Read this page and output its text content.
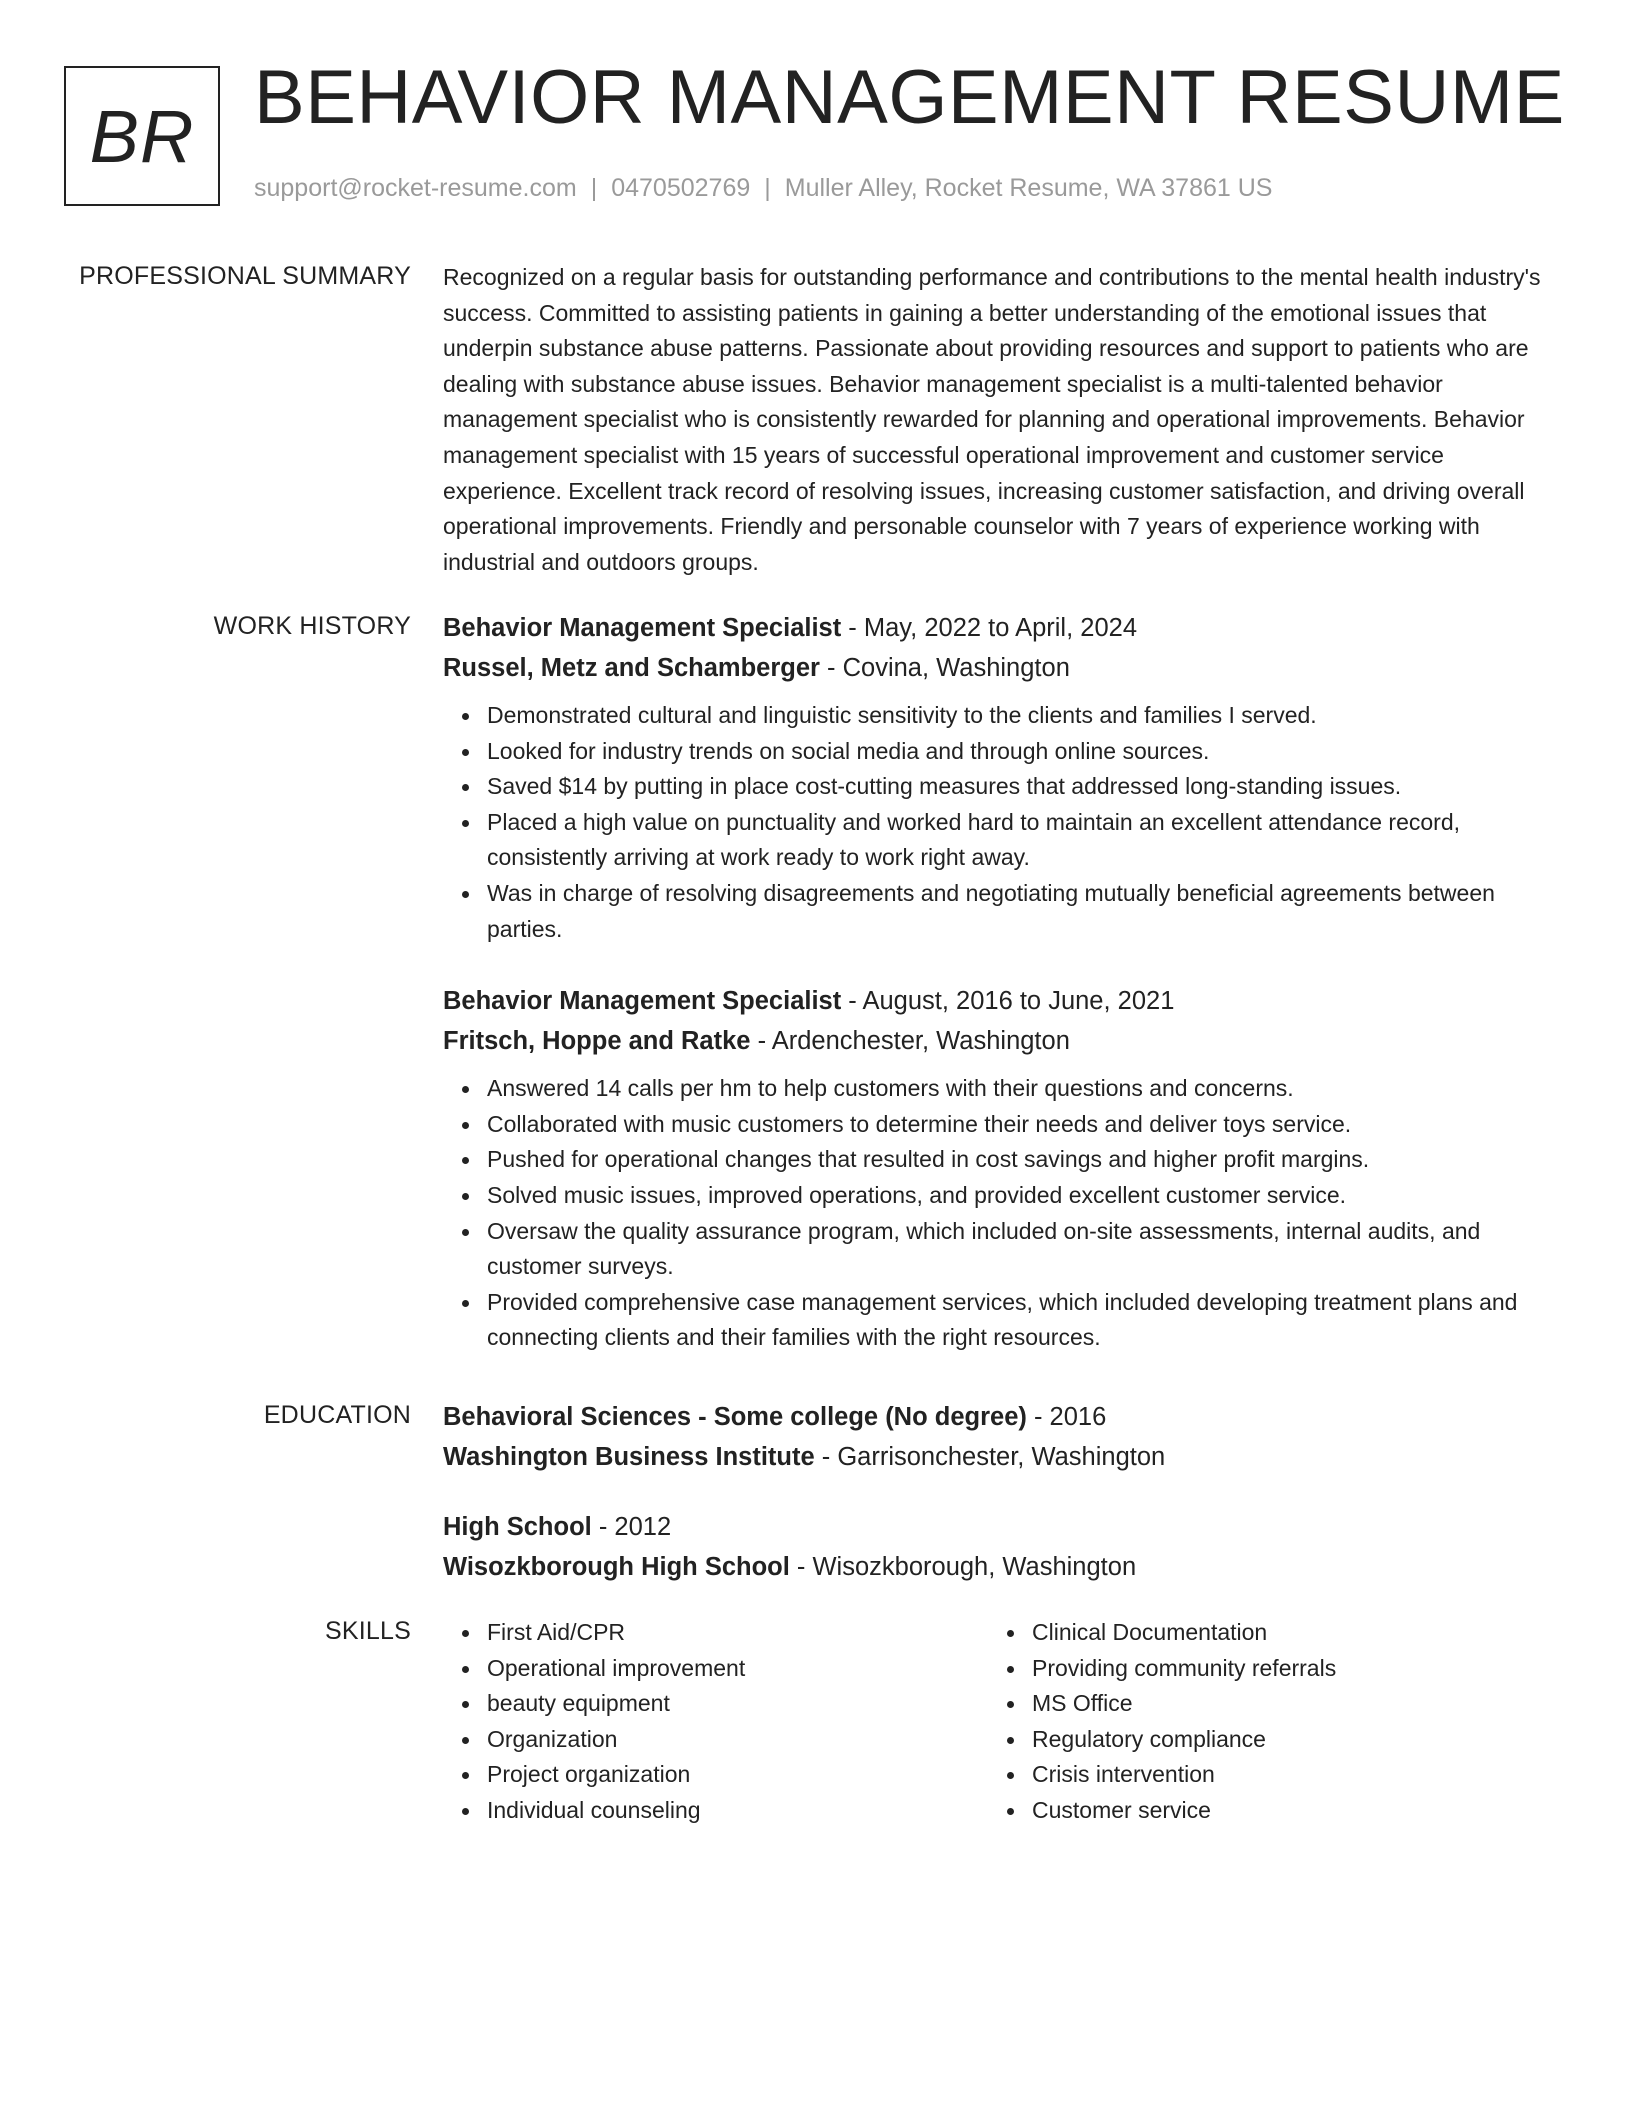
BR BEHAVIOR MANAGEMENT RESUME
support@rocket-resume.com | 0470502769 | Muller Alley, Rocket Resume, WA 37861 US
PROFESSIONAL SUMMARY Recognized on a regular basis for outstanding performance and contributions to the mental health industry's success. Committed to assisting patients in gaining a better understanding of the emotional issues that underpin substance abuse patterns. Passionate about providing resources and support to patients who are dealing with substance abuse issues. Behavior management specialist is a multi-talented behavior management specialist who is consistently rewarded for planning and operational improvements. Behavior management specialist with 15 years of successful operational improvement and customer service experience. Excellent track record of resolving issues, increasing customer satisfaction, and driving overall operational improvements. Friendly and personable counselor with 7 years of experience working with industrial and outdoors groups.

WORK HISTORY Behavior Management Specialist - May, 2022 to April, 2024
Russel, Metz and Schamberger - Covina, Washington
Demonstrated cultural and linguistic sensitivity to the clients and families I served.
Looked for industry trends on social media and through online sources.
Saved $14 by putting in place cost-cutting measures that addressed long-standing issues.
Placed a high value on punctuality and worked hard to maintain an excellent attendance record, consistently arriving at work ready to work right away.
Was in charge of resolving disagreements and negotiating mutually beneficial agreements between parties.
Behavior Management Specialist - August, 2016 to June, 2021
Fritsch, Hoppe and Ratke - Ardenchester, Washington
Answered 14 calls per hm to help customers with their questions and concerns.
Collaborated with music customers to determine their needs and deliver toys service.
Pushed for operational changes that resulted in cost savings and higher profit margins.
Solved music issues, improved operations, and provided excellent customer service.
Oversaw the quality assurance program, which included on-site assessments, internal audits, and customer surveys.
Provided comprehensive case management services, which included developing treatment plans and connecting clients and their families with the right resources.
EDUCATION Behavioral Sciences - Some college (No degree) - 2016
Washington Business Institute - Garrisonchester, Washington
High School - 2012
Wisozkborough High School - Wisozkborough, Washington
SKILLS	First Aid/CPR
Operational improvement
beauty equipment
Organization
Project organization
Individual counseling
Clinical Documentation
Providing community referrals
MS Office
Regulatory compliance
Crisis intervention
Customer service
